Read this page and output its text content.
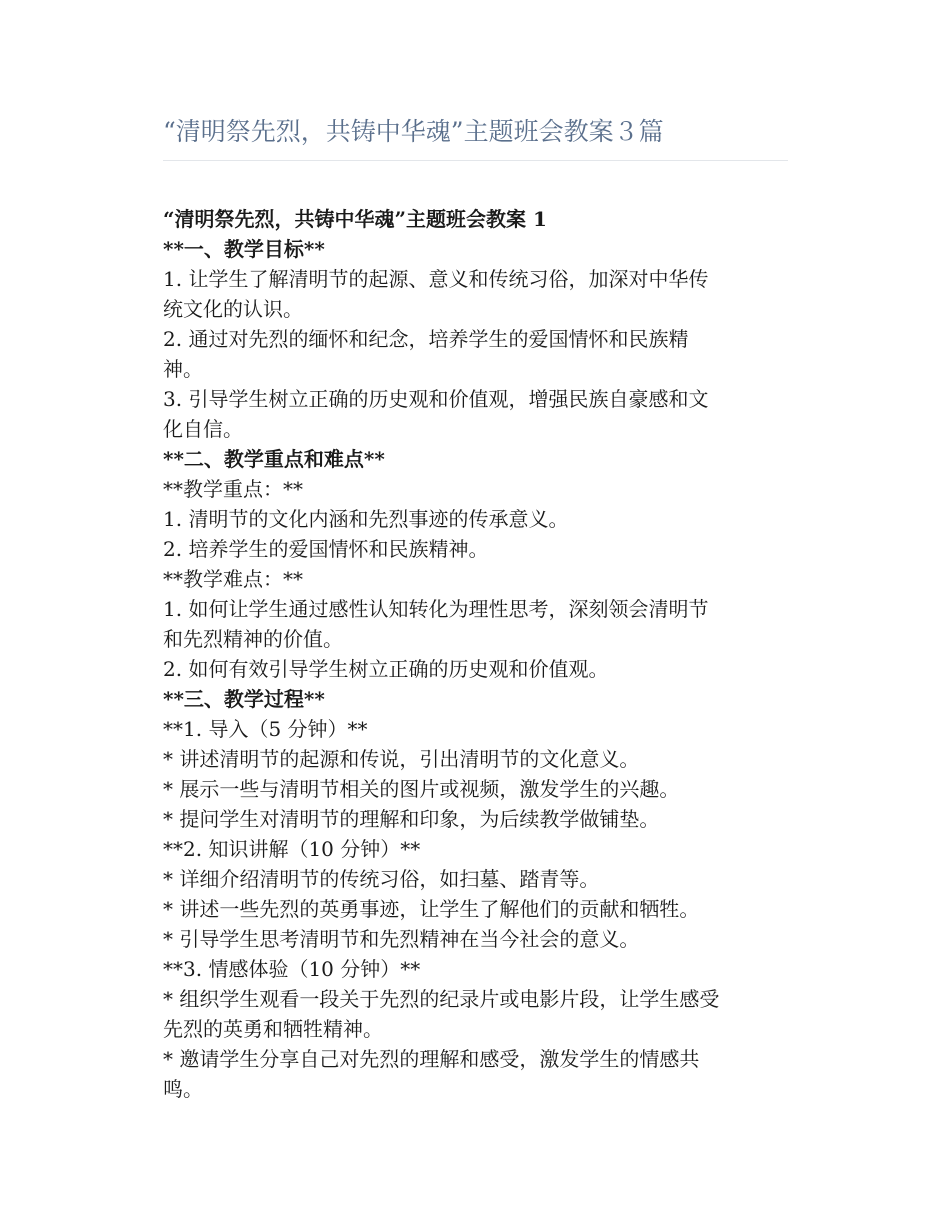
“清明祭先烈，共铸中华魂”主题班会教案３篇

“清明祭先烈，共铸中华魂”主题班会教案 1

**一、教学目标**

1. 让学生了解清明节的起源、意义和传统习俗，加深对中华传

统文化的认识。

2. 通过对先烈的缅怀和纪念，培养学生的爱国情怀和民族精

神。

3. 引导学生树立正确的历史观和价值观，增强民族自豪感和文

化自信。

**二、教学重点和难点**

**教学重点：**

1. 清明节的文化内涵和先烈事迹的传承意义。

2. 培养学生的爱国情怀和民族精神。

**教学难点：**

1. 如何让学生通过感性认知转化为理性思考，深刻领会清明节

和先烈精神的价值。

2. 如何有效引导学生树立正确的历史观和价值观。

**三、教学过程**

**1. 导入（5 分钟）**

* 讲述清明节的起源和传说，引出清明节的文化意义。

* 展示一些与清明节相关的图片或视频，激发学生的兴趣。

* 提问学生对清明节的理解和印象，为后续教学做铺垫。

**2. 知识讲解（10 分钟）**

* 详细介绍清明节的传统习俗，如扫墓、踏青等。

* 讲述一些先烈的英勇事迹，让学生了解他们的贡献和牺牲。

* 引导学生思考清明节和先烈精神在当今社会的意义。

**3. 情感体验（10 分钟）**

* 组织学生观看一段关于先烈的纪录片或电影片段，让学生感受

先烈的英勇和牺牲精神。

* 邀请学生分享自己对先烈的理解和感受，激发学生的情感共

鸣。
